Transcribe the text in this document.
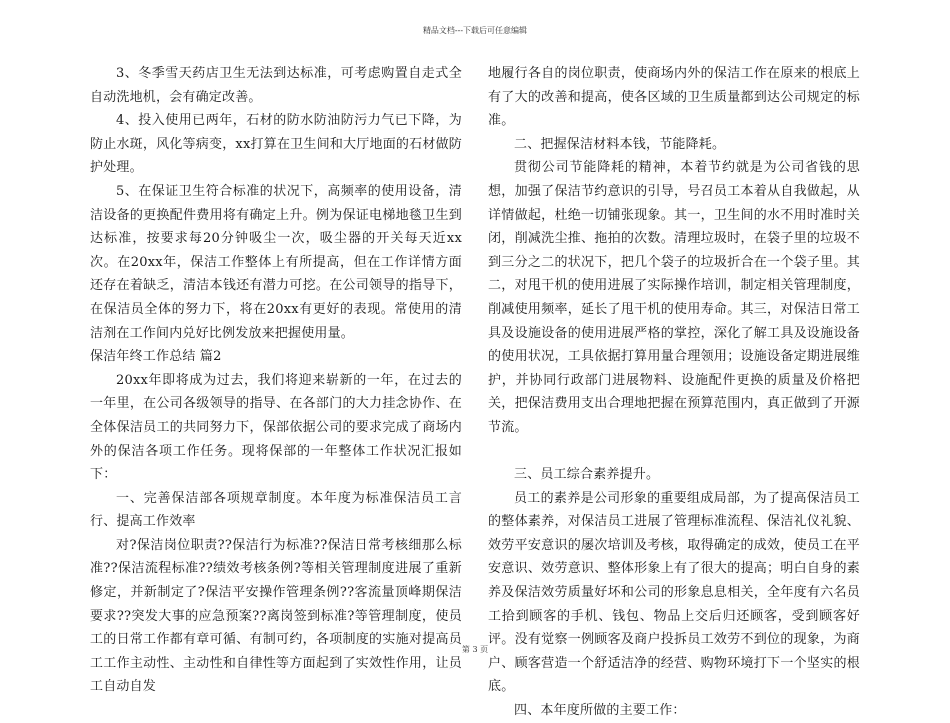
精品文档---下载后可任意编辑

3、冬季雪天药店卫生无法到达标准，可考虑购置自走式全自动洗地机，会有确定改善。

4、投入使用已两年，石材的防水防油防污力气已下降，为防止水斑，风化等病变，xx打算在卫生间和大厅地面的石材做防护处理。

5、在保证卫生符合标准的状况下，高频率的使用设备，清洁设备的更换配件费用将有确定上升。例为保证电梯地毯卫生到达标准，按要求每20分钟吸尘一次，吸尘器的开关每天近xx次。在20xx年，保洁工作整体上有所提高，但在工作详情方面还存在着缺乏，清洁本钱还有潜力可挖。在公司领导的指导下，在保洁员全体的努力下，将在20xx有更好的表现。常使用的清洁剂在工作间内兑好比例发放来把握使用量。

保洁年终工作总结 篇2

20xx年即将成为过去，我们将迎来崭新的一年，在过去的一年里，在公司各级领导的指导、在各部门的大力挂念协作、在全体保洁员工的共同努力下，保部依据公司的要求完成了商场内外的保洁各项工作任务。现将保部的一年整体工作状况汇报如下：

一、完善保洁部各项规章制度。本年度为标准保洁员工言行、提高工作效率

对?保洁岗位职责??保洁行为标准??保洁日常考核细那么标准??保洁流程标准??绩效考核条例?等相关管理制度进展了重新修定，并新制定了?保洁平安操作管理条例??客流量顶峰期保洁要求??突发大事的应急预案??离岗签到标准?等管理制度，使员工的日常工作都有章可循、有制可约，各项制度的实施对提高员工工作主动性、主动性和自律性等方面起到了实效性作用，让员工自动自发

地履行各自的岗位职责，使商场内外的保洁工作在原来的根底上有了大的改善和提高，使各区域的卫生质量都到达公司规定的标准。

二、把握保洁材料本钱，节能降耗。

贯彻公司节能降耗的精神，本着节约就是为公司省钱的思想，加强了保洁节约意识的引导，号召员工本着从自我做起，从详情做起，杜绝一切铺张现象。其一，卫生间的水不用时准时关闭，削减洗尘推、拖拍的次数。清理垃圾时，在袋子里的垃圾不到三分之二的状况下，把几个袋子的垃圾折合在一个袋子里。其二，对甩干机的使用进展了实际操作培训，制定相关管理制度，削减使用频率，延长了甩干机的使用寿命。其三，对保洁日常工具及设施设备的使用进展严格的掌控，深化了解工具及设施设备的使用状况，工具依据打算用量合理领用；设施设备定期进展维护，并协同行政部门进展物料、设施配件更换的质量及价格把关，把保洁费用支出合理地把握在预算范围内，真正做到了开源节流。

三、员工综合素养提升。

员工的素养是公司形象的重要组成局部，为了提高保洁员工的整体素养，对保洁员工进展了管理标准流程、保洁礼仪礼貌、效劳平安意识的屡次培训及考核，取得确定的成效，使员工在平安意识、效劳意识、整体形象上有了很大的提高；明白自身的素养及保洁效劳质量好坏和公司的形象息息相关，全年度有六名员工拾到顾客的手机、钱包、物品上交后归还顾客，受到顾客好评。没有觉察一例顾客及商户投拆员工效劳不到位的现象，为商户、顾客营造一个舒适洁净的经营、购物环境打下一个坚实的根底。

四、本年度所做的主要工作：

第 3 页
